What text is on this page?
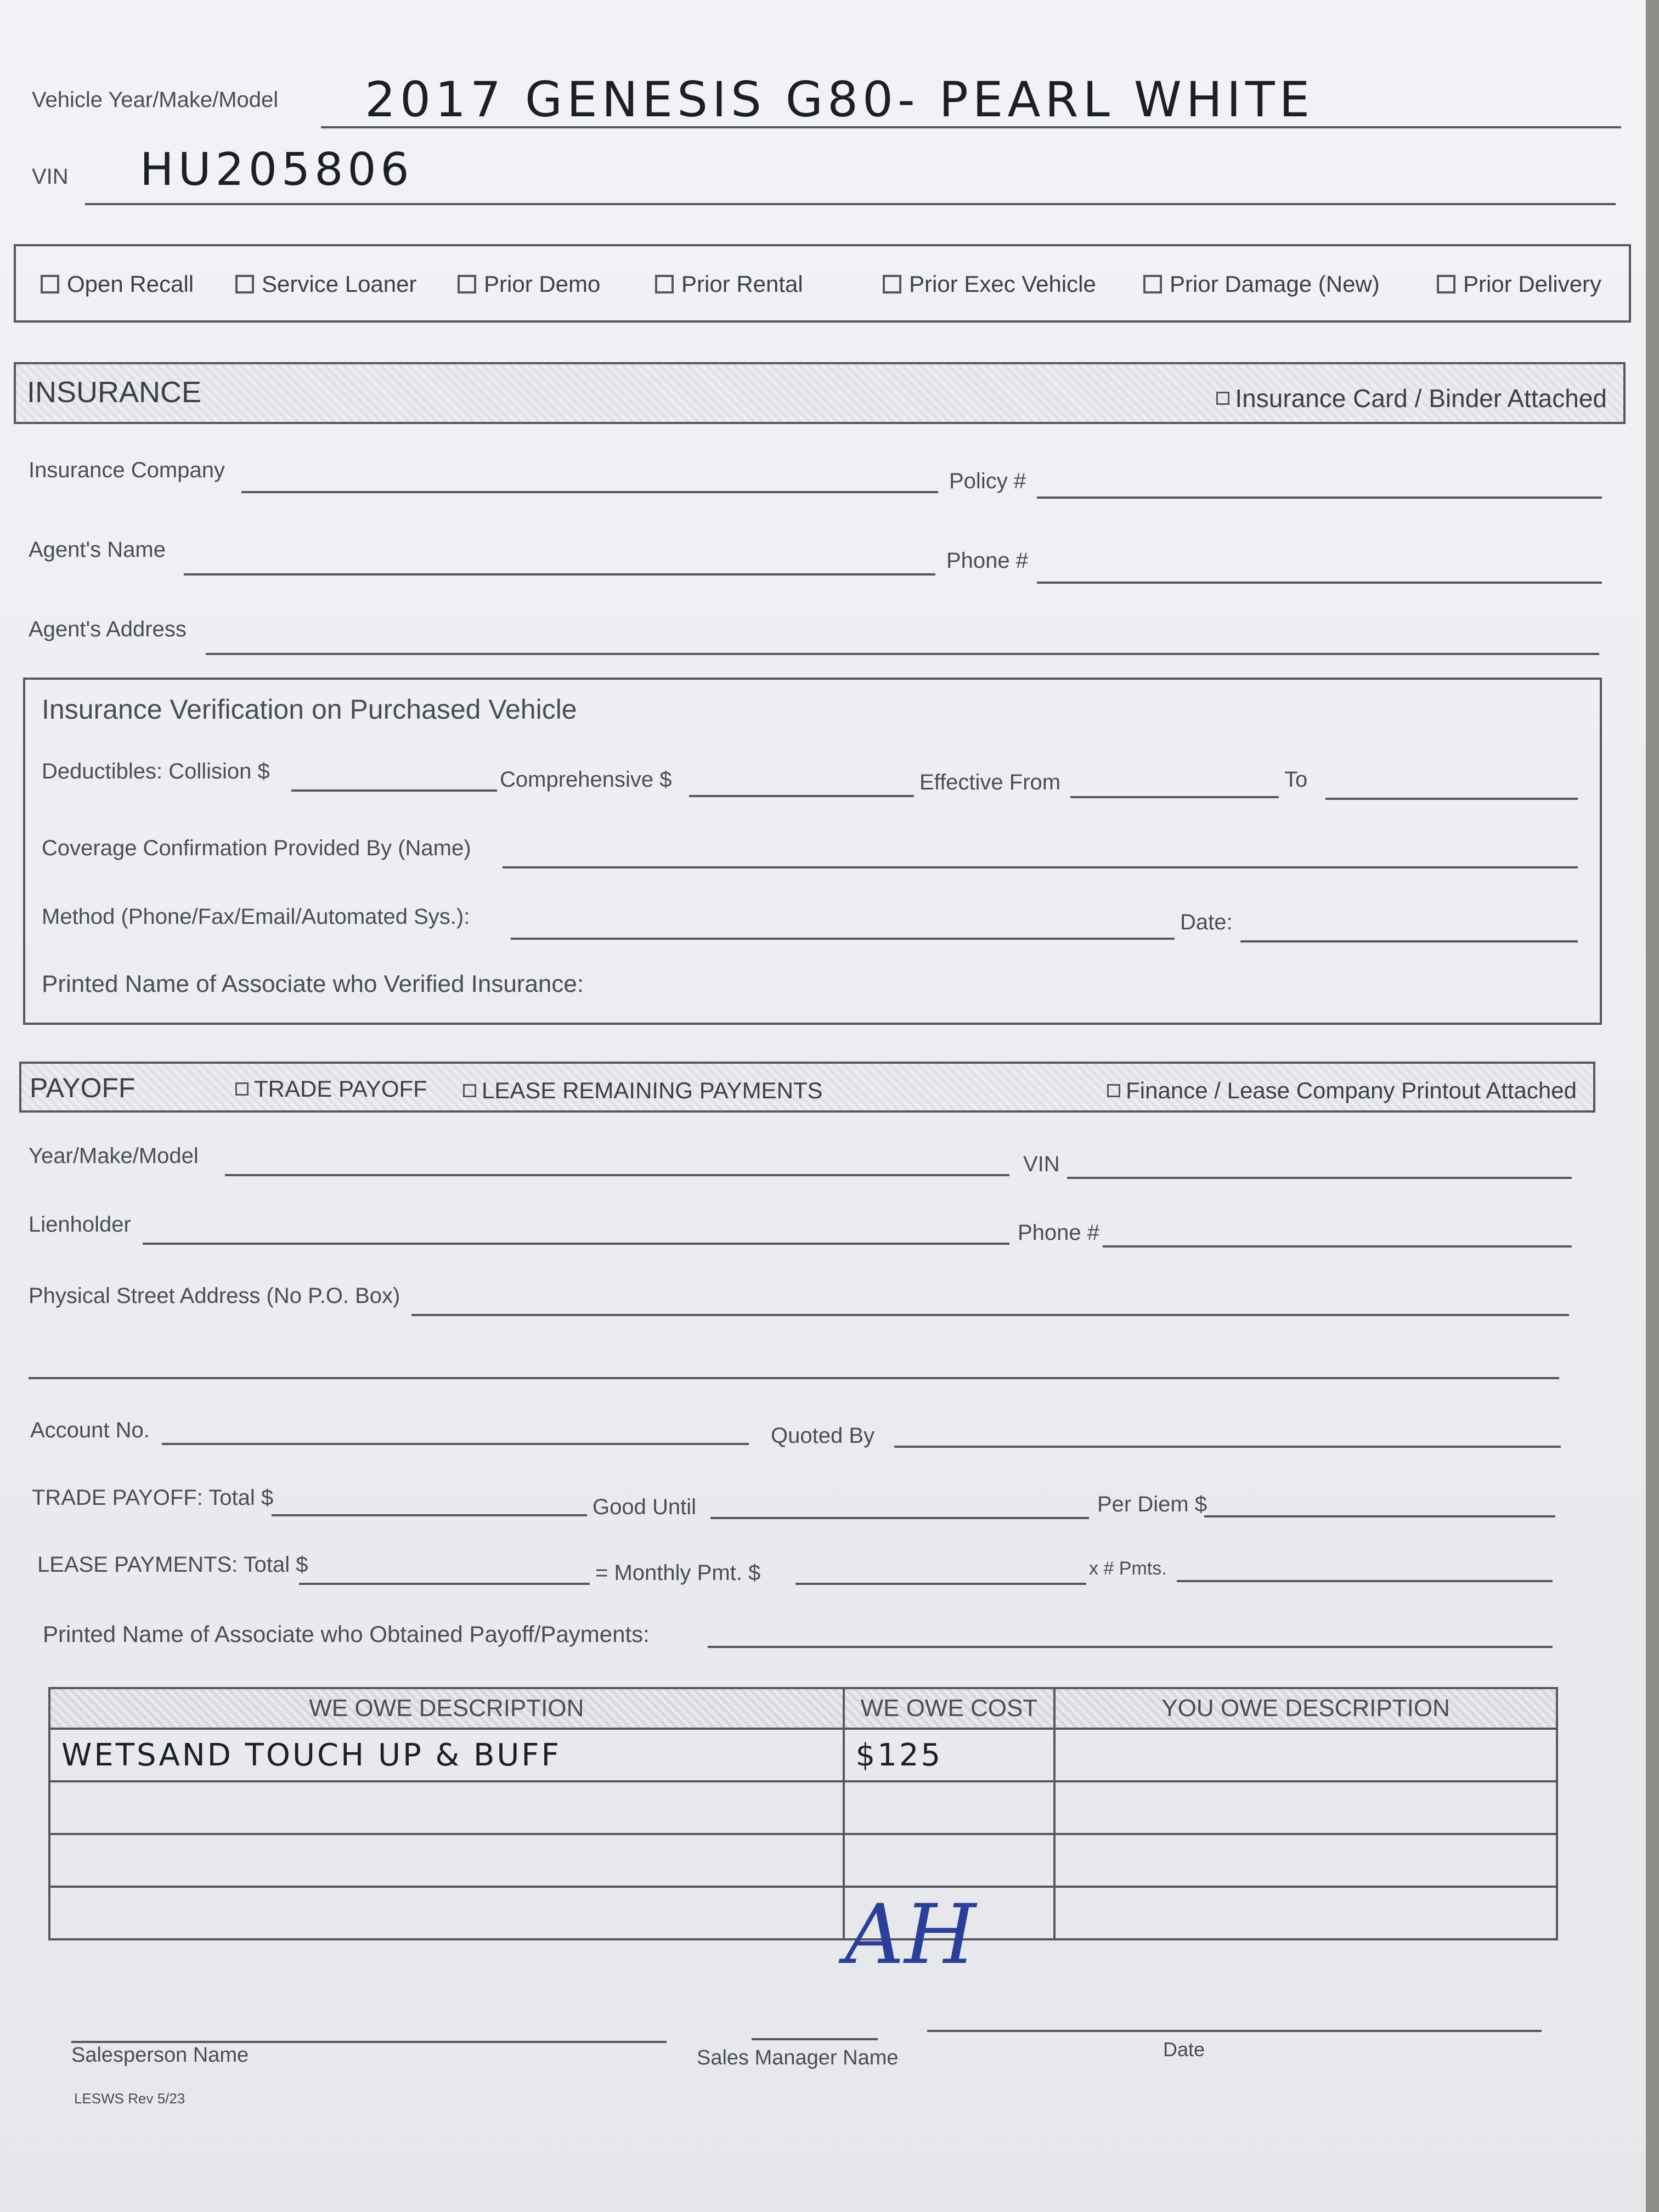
Vehicle Year/Make/Model 2017 GENESIS G80- PEARL WHITE
VIN HU205806
Open Recall	Service Loaner	Prior Demo	Prior Rental	Prior Exec Vehicle	Prior Damage (New)	Prior Delivery
INSURANCE	Insurance Card / Binder Attached
Insurance Company	Policy #
Agent's Name	Phone #
Agent's Address
Insurance Verification on Purchased Vehicle
Deductibles: Collision $	Comprehensive $	Effective From	To
Coverage Confirmation Provided By (Name)
Method (Phone/Fax/Email/Automated Sys.):	Date:
Printed Name of Associate who Verified Insurance:
PAYOFF	TRADE PAYOFF LEASE REMAINING PAYMENTS	Finance / Lease Company Printout Attached
Year/Make/Model	VIN
Lienholder	Phone #
Physical Street Address (No P.O. Box)
Account No.	Quoted By
TRADE PAYOFF: Total $	Good Until	Per Diem $
LEASE PAYMENTS: Total $	= Monthly Pmt. $	x # Pmts.
Printed Name of Associate who Obtained Payoff/Payments:
WE OWE DESCRIPTION	WE OWE COST	YOU OWE DESCRIPTION
WETSAND TOUCH UP & BUFF	$125	

AH
Salesperson Name	Sales Manager Name	Date
LESWS Rev 5/23
